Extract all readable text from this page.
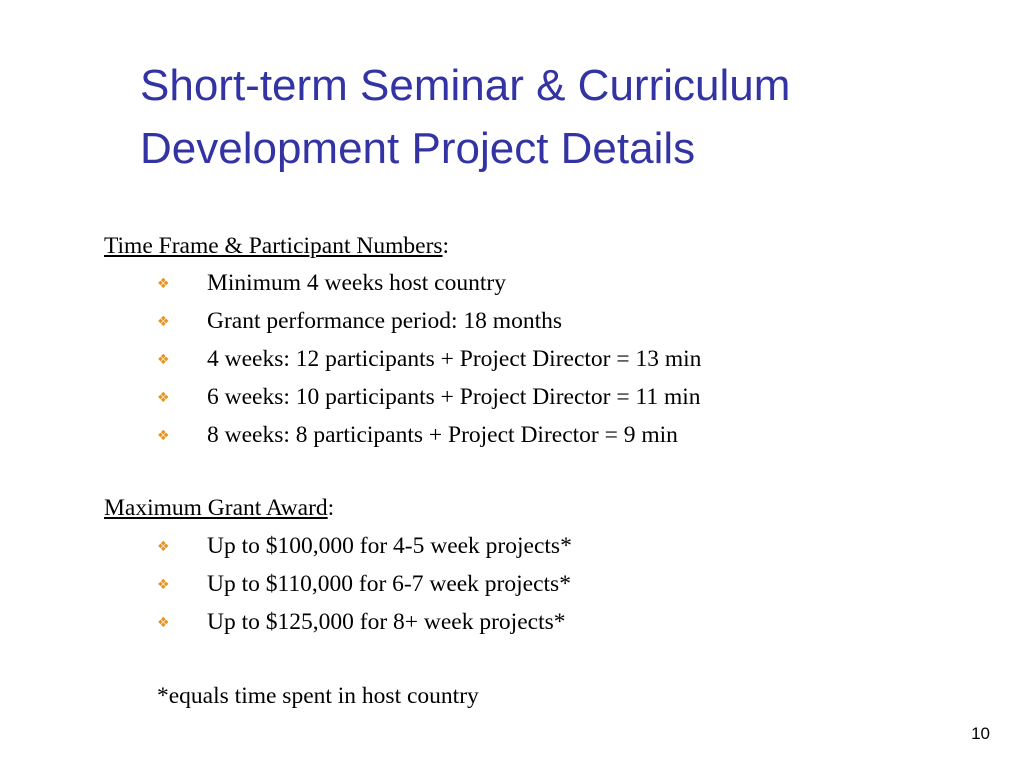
Short-term Seminar & Curriculum
Development Project Details
Time Frame & Participant Numbers:
❖ Minimum 4 weeks host country
❖ Grant performance period: 18 months
❖ 4 weeks: 12 participants + Project Director = 13 min
❖ 6 weeks: 10 participants + Project Director = 11 min
❖ 8 weeks: 8 participants + Project Director = 9 min
Maximum Grant Award:
❖ Up to $100,000 for 4-5 week projects*
❖ Up to $110,000 for 6-7 week projects*
❖ Up to $125,000 for 8+ week projects*
*equals time spent in host country
10
